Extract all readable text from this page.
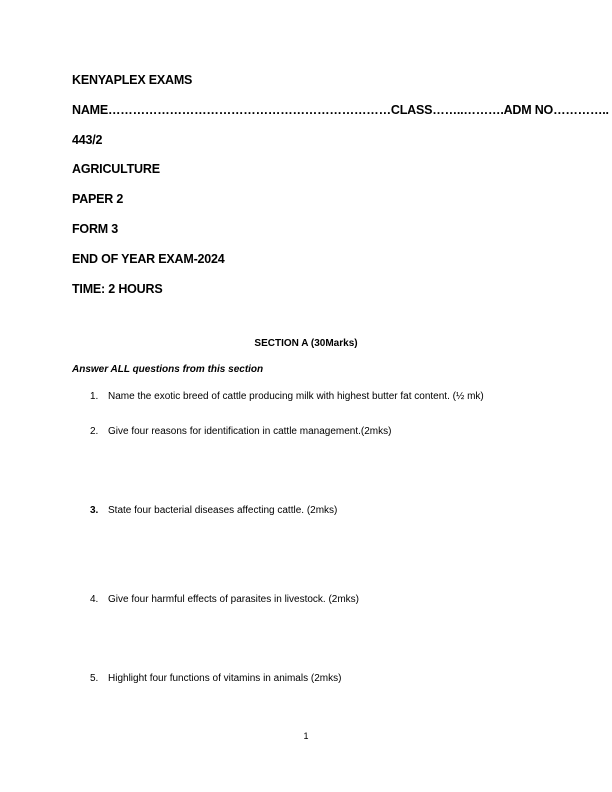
KENYAPLEX EXAMS
NAME……………………………………………………………CLASS……..……….ADM NO…………..
443/2
AGRICULTURE
PAPER 2
FORM 3
END OF YEAR EXAM-2024
TIME: 2 HOURS
SECTION A (30Marks)
Answer ALL questions from this section
1. Name the exotic breed of cattle producing milk with highest butter fat content. (½ mk)
2. Give four reasons for identification in cattle management.(2mks)
3. State four bacterial diseases affecting cattle. (2mks)
4. Give four harmful effects of parasites in livestock. (2mks)
5. Highlight four functions of vitamins in animals (2mks)
1
